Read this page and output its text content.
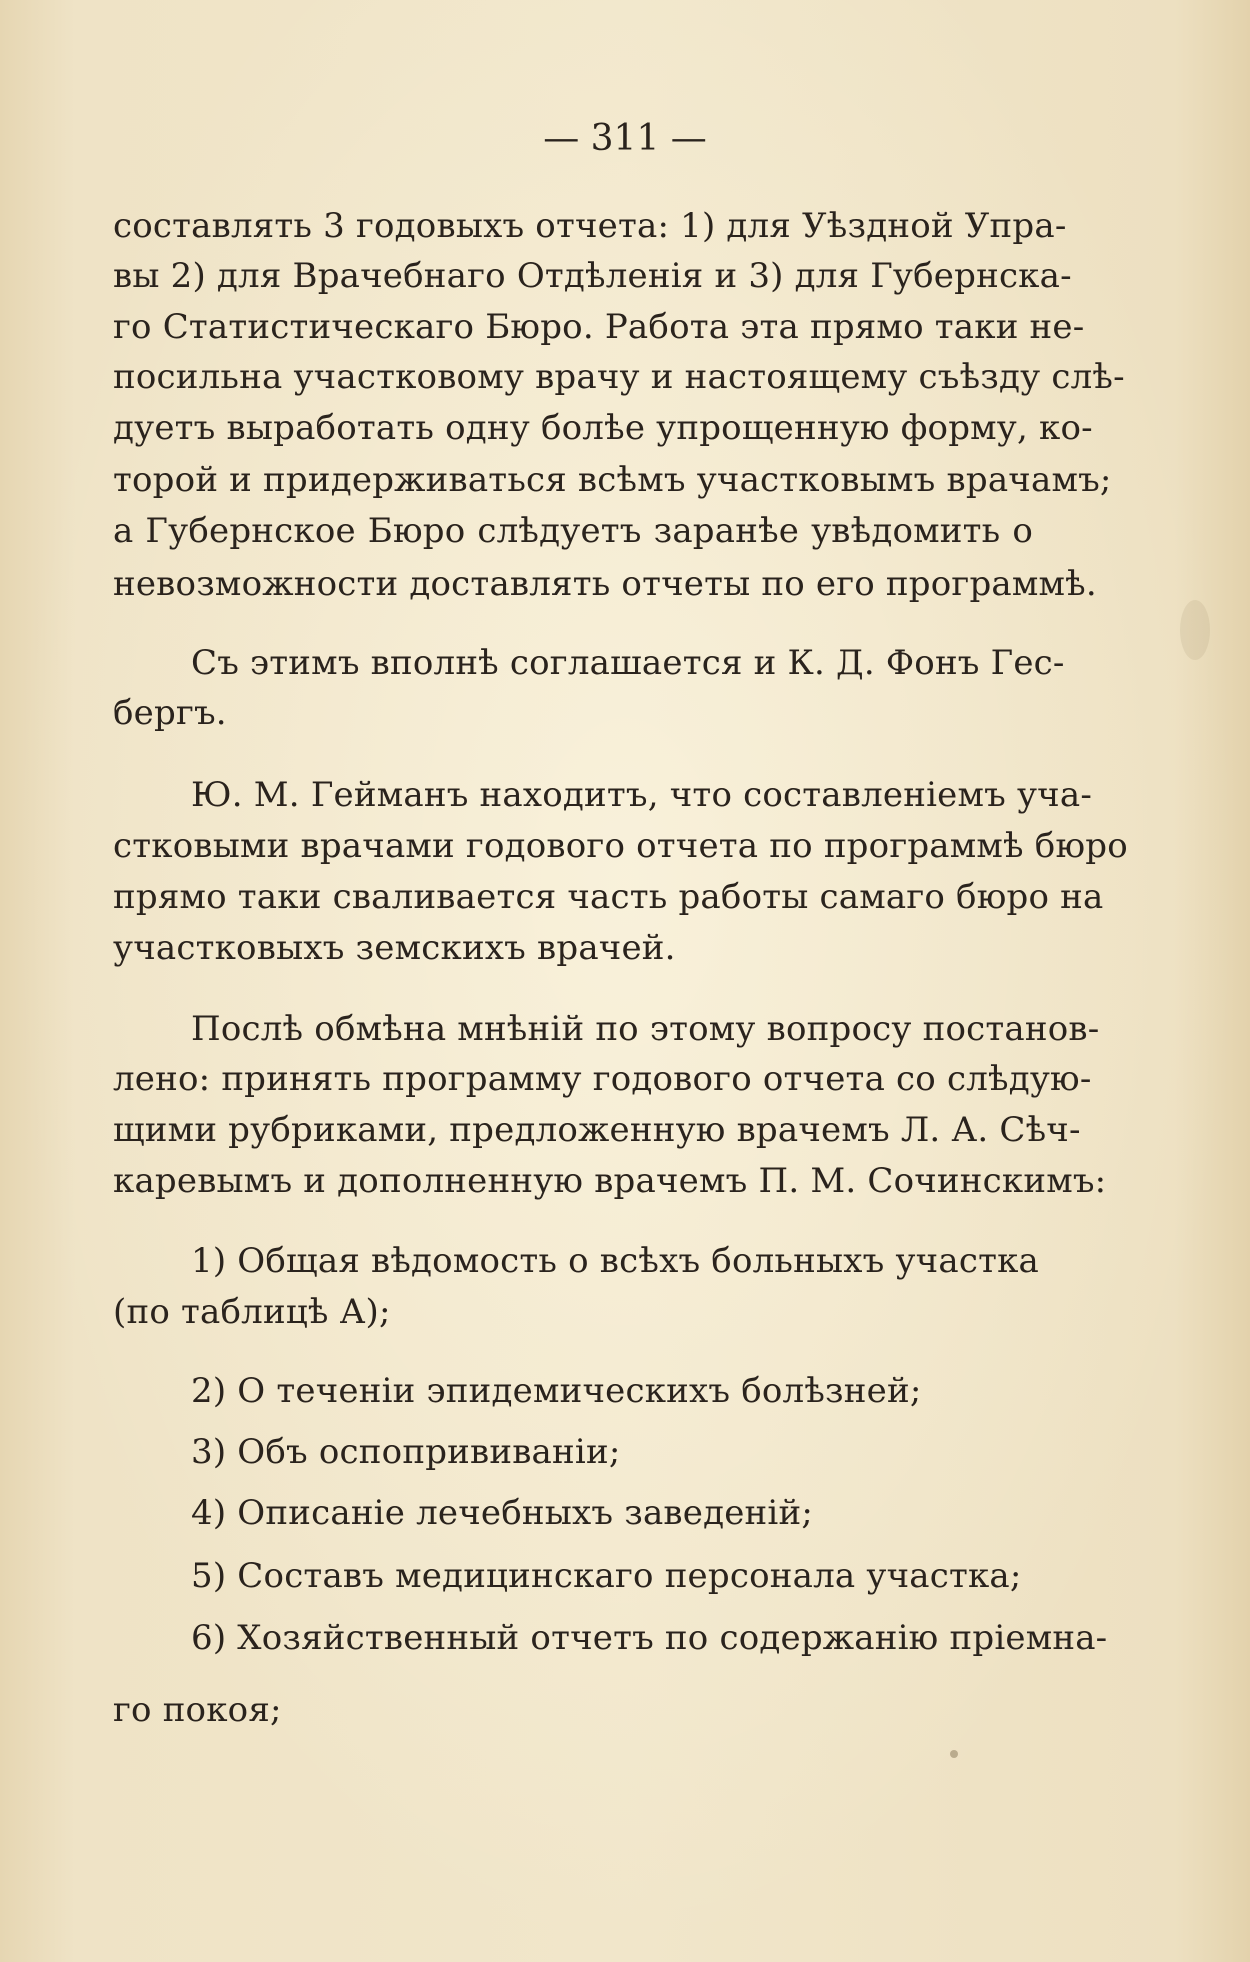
— 311 —
составлять 3 годовыхъ отчета: 1) для Уѣздной Упра-
вы 2) для Врачебнаго Отдѣленія и 3) для Губернска-
го Статистическаго Бюро. Работа эта прямо таки не-
посильна участковому врачу и настоящему съѣзду слѣ-
дуетъ выработать одну болѣе упрощенную форму, ко-
торой и придерживаться всѣмъ участковымъ врачамъ;
а Губернское Бюро слѣдуетъ заранѣе увѣдомить о
невозможности доставлять отчеты по его программѣ.
Съ этимъ вполнѣ соглашается и К. Д. Фонъ Гес-
бергъ.
Ю. М. Гейманъ находитъ, что составленіемъ уча-
стковыми врачами годового отчета по программѣ бюро
прямо таки сваливается часть работы самаго бюро на
участковыхъ земскихъ врачей.
Послѣ обмѣна мнѣній по этому вопросу постанов-
лено: принять программу годового отчета со слѣдую-
щими рубриками, предложенную врачемъ Л. А. Сѣч-
каревымъ и дополненную врачемъ П. М. Сочинскимъ:
1) Общая вѣдомость о всѣхъ больныхъ участка
(по таблицѣ А);
2) О теченіи эпидемическихъ болѣзней;
3) Объ оспопрививаніи;
4) Описаніе лечебныхъ заведеній;
5) Составъ медицинскаго персонала участка;
6) Хозяйственный отчетъ по содержанію пріемна-
го покоя;
